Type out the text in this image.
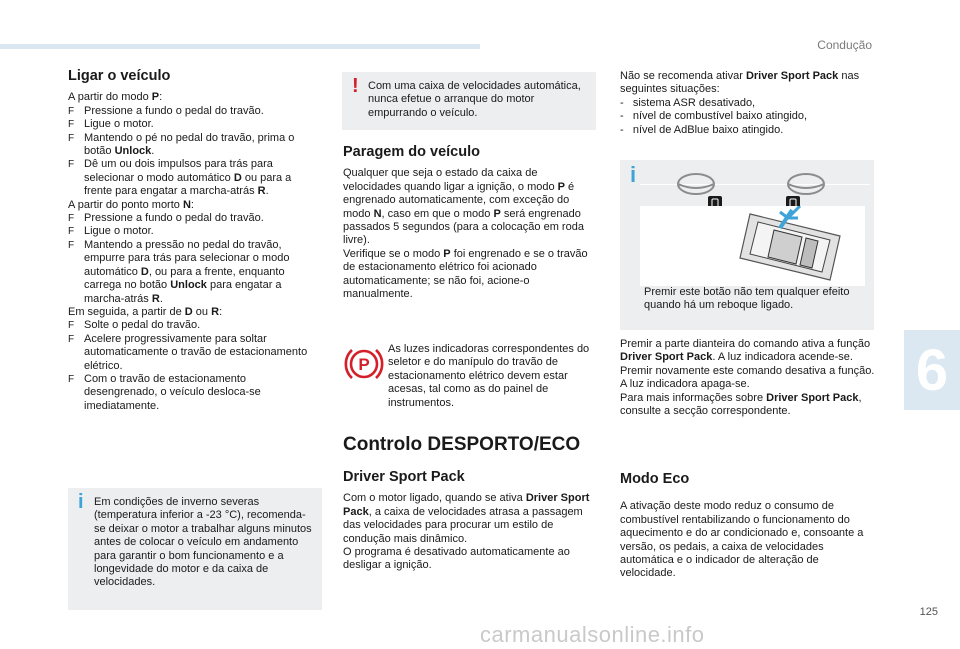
Condução
6
125
carmanualsonline.info
Ligar o veículo

A partir do modo P:

F Pressione a fundo o pedal do travão.

F Ligue o motor.

F Mantendo o pé no pedal do travão, prima o botão Unlock.

F Dê um ou dois impulsos para trás para selecionar o modo automático D ou para a frente para engatar a marcha-atrás R.

A partir do ponto morto N:

F Pressione a fundo o pedal do travão.

F Ligue o motor.

F Mantendo a pressão no pedal do travão, empurre para trás para selecionar o modo automático D, ou para a frente, enquanto carrega no botão Unlock para engatar a marcha-atrás R.

Em seguida, a partir de D ou R:

F Solte o pedal do travão.

F Acelere progressivamente para soltar automaticamente o travão de estacionamento elétrico.

F Com o travão de estacionamento desengrenado, o veículo desloca-se imediatamente.

i Em condições de inverno severas (temperatura inferior a -23 °C), recomenda-se deixar o motor a trabalhar alguns minutos antes de colocar o veículo em andamento para garantir o bom funcionamento e a longevidade do motor e da caixa de velocidades.
! Com uma caixa de velocidades automática, nunca efetue o arranque do motor empurrando o veículo.
Paragem do veículo

Qualquer que seja o estado da caixa de velocidades quando ligar a ignição, o modo P é engrenado automaticamente, com exceção do modo N, caso em que o modo P será engrenado passados 5 segundos (para a colocação em roda livre).
Verifique se o modo P foi engrenado e se o travão de estacionamento elétrico foi acionado automaticamente; se não foi, acione-o manualmente.

P

As luzes indicadoras correspondentes do seletor e do manípulo do travão de estacionamento elétrico devem estar acesas, tal como as do painel de instrumentos.

Controlo DESPORTO/ECO
Driver Sport Pack

Com o motor ligado, quando se ativa Driver Sport Pack, a caixa de velocidades atrasa a passagem das velocidades para procurar um estilo de condução mais dinâmico.
O programa é desativado automaticamente ao desligar a ignição.

Não se recomenda ativar Driver Sport Pack nas seguintes situações:

-   sistema ASR desativado,

-   nível de combustível baixo atingido,

-   nível de AdBlue baixo atingido.

i
Premir este botão não tem qualquer efeito quando há um reboque ligado.

Premir a parte dianteira do comando ativa a função Driver Sport Pack. A luz indicadora acende-se.
Premir novamente este comando desativa a função. A luz indicadora apaga-se.
Para mais informações sobre Driver Sport Pack, consulte a secção correspondente.

Modo Eco

A ativação deste modo reduz o consumo de combustível rentabilizando o funcionamento do aquecimento e do ar condicionado e, consoante a versão, os pedais, a caixa de velocidades automática e o indicador de alteração de velocidade.
